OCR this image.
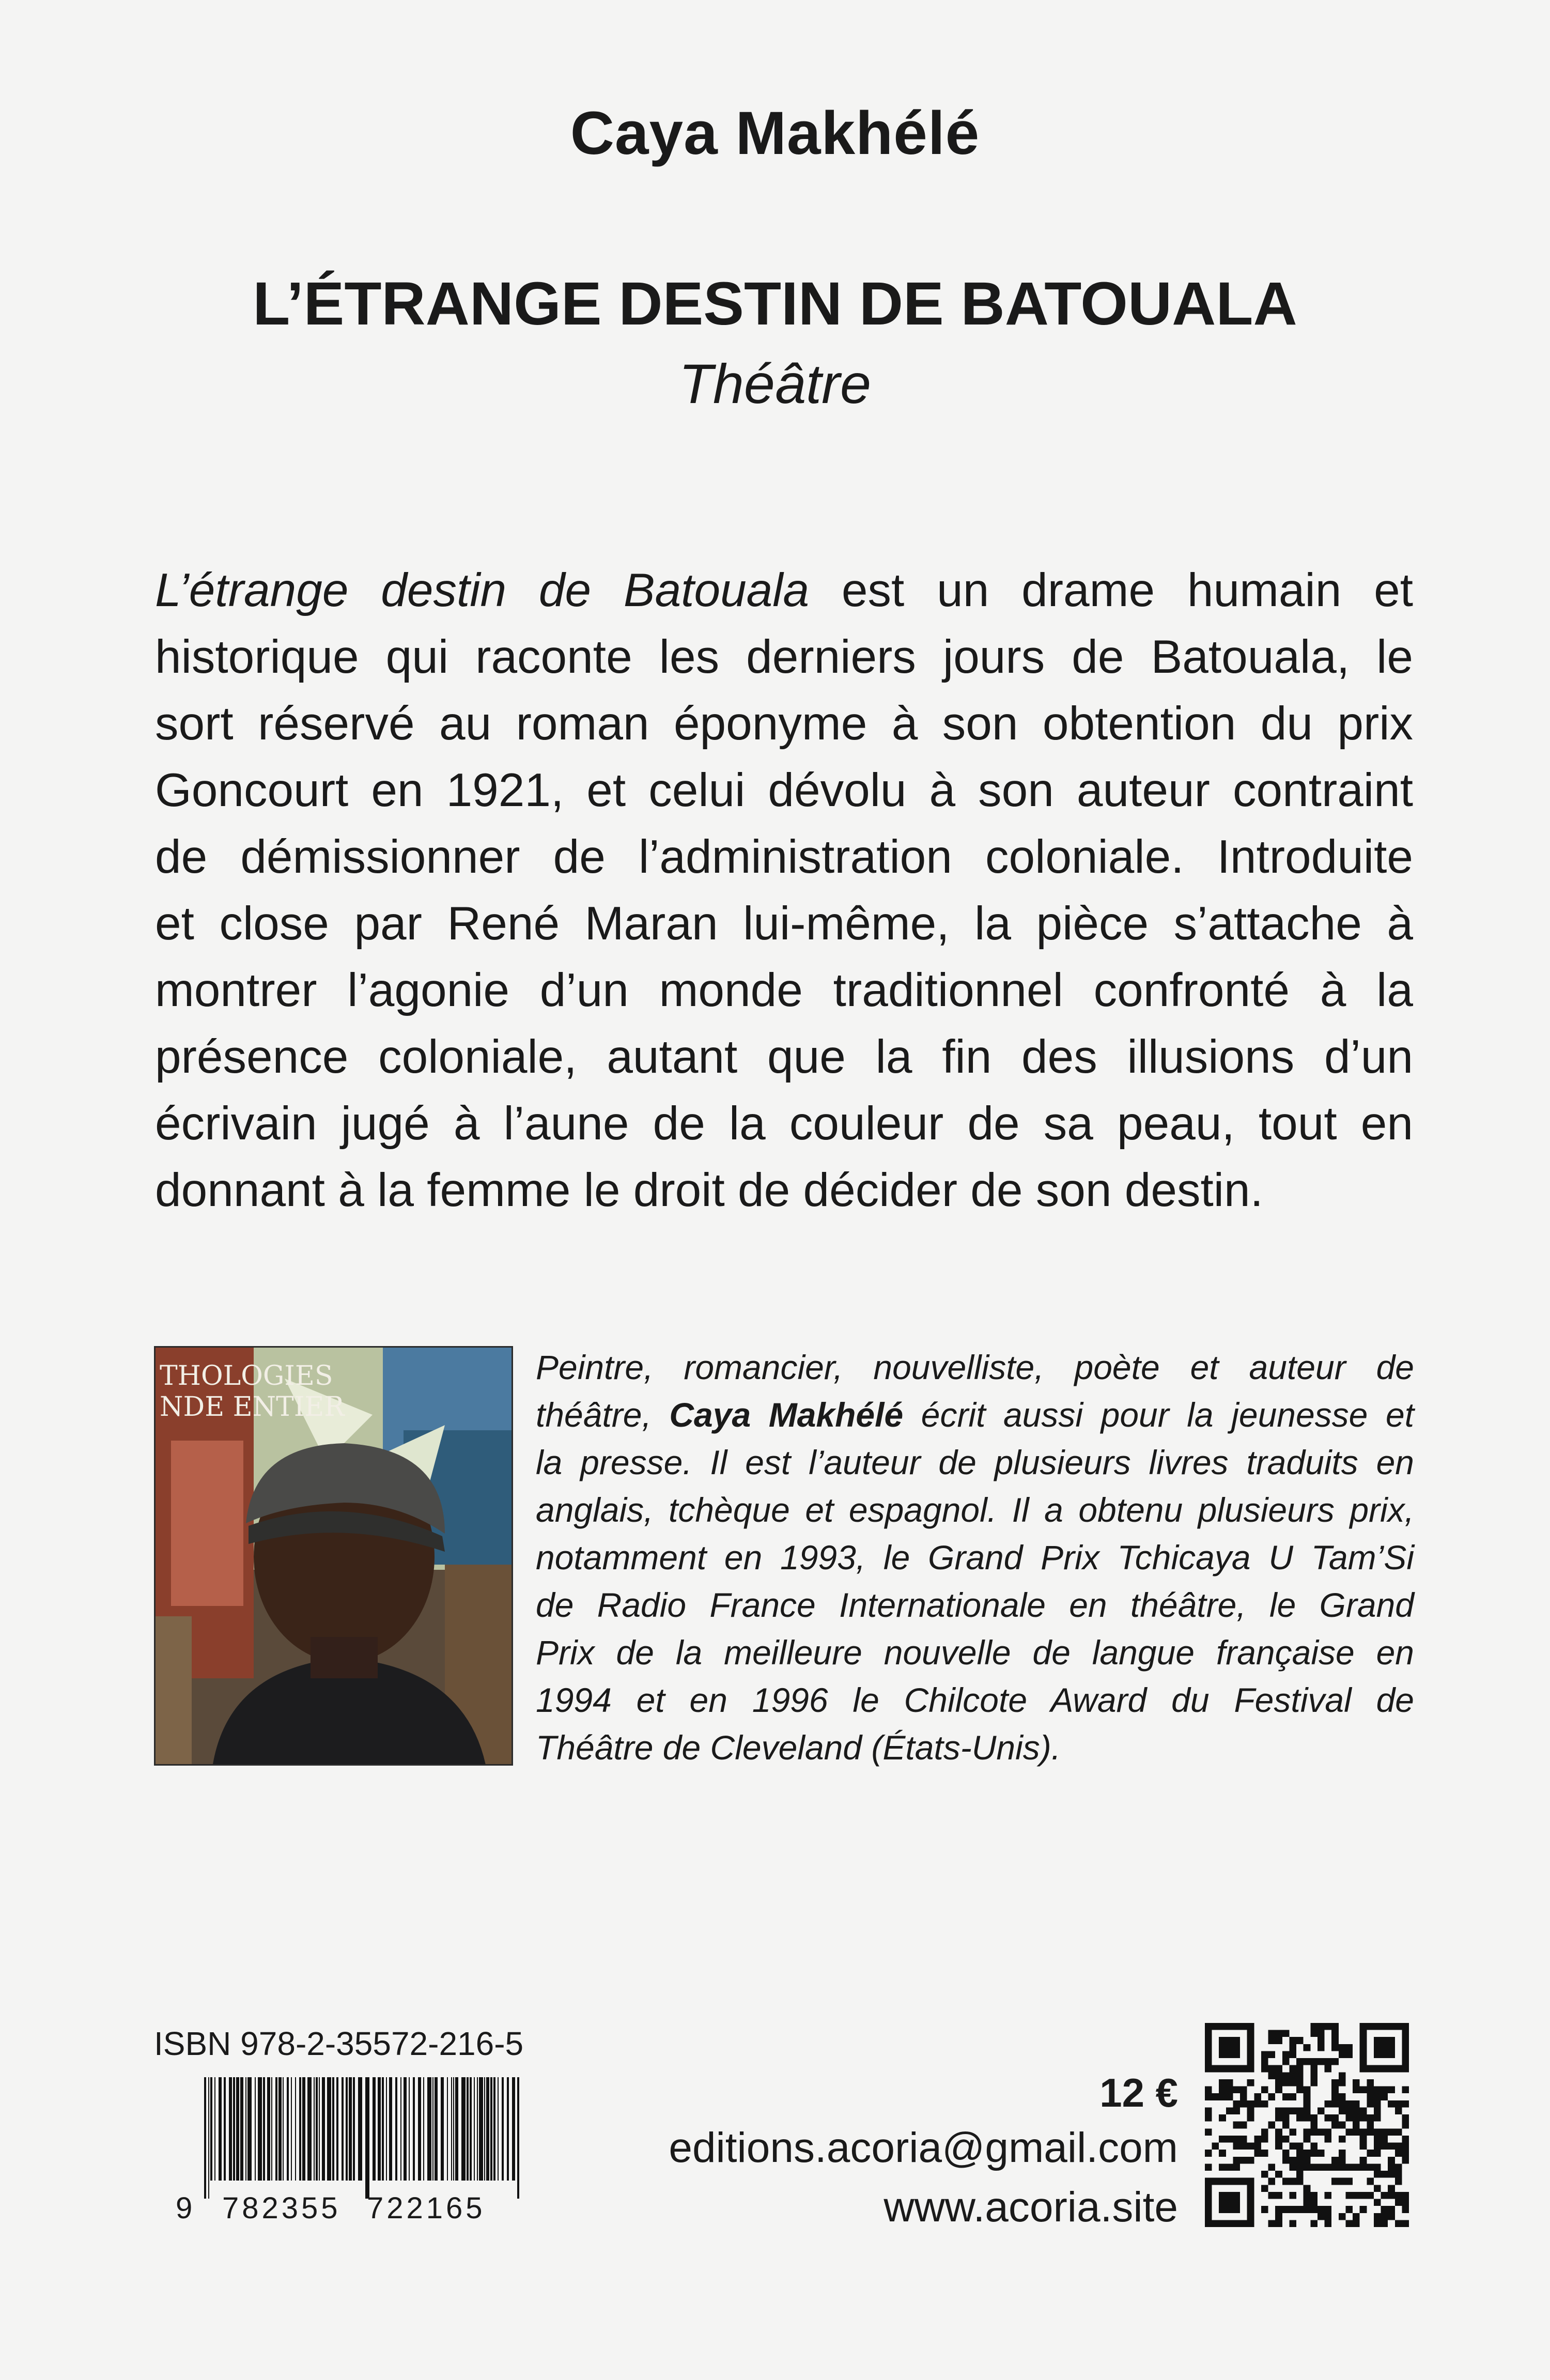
Caya Makhélé
L’ÉTRANGE DESTIN DE BATOUALA
Théâtre
L’étrange destin de Batouala est un drame humain et
historique qui raconte les derniers jours de Batouala, le
sort réservé au roman éponyme à son obtention du prix
Goncourt en 1921, et celui dévolu à son auteur contraint
de démissionner de l’administration coloniale. Introduite
et close par René Maran lui-même, la pièce s’attache à
montrer l’agonie d’un monde traditionnel confronté à la
présence coloniale, autant que la fin des illusions d’un
écrivain jugé à l’aune de la couleur de sa peau, tout en
donnant à la femme le droit de décider de son destin.
THOLOGIES
NDE ENTIER
Peintre, romancier, nouvelliste, poète et auteur de
théâtre, Caya Makhélé écrit aussi pour la jeunesse et
la presse. Il est l’auteur de plusieurs livres traduits en
anglais, tchèque et espagnol. Il a obtenu plusieurs prix,
notamment en 1993, le Grand Prix Tchicaya U Tam’Si
de Radio France Internationale en théâtre, le Grand
Prix de la meilleure nouvelle de langue française en
1994 et en 1996 le Chilcote Award du Festival de
Théâtre de Cleveland (États-Unis).
ISBN 978-2-35572-216-5
9 782355 722165
12 €
editions.acoria@gmail.com
www.acoria.site
